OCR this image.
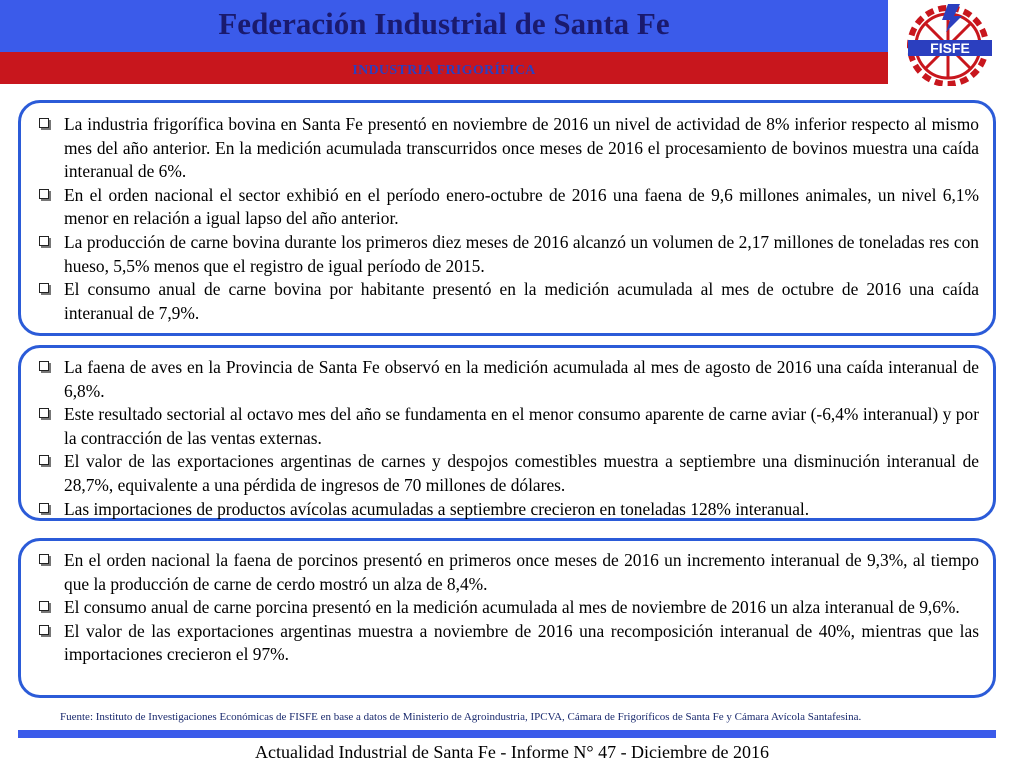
Federación Industrial de Santa Fe
INDUSTRIA FRIGORÍFICA
FISFE
La industria frigorífica bovina en Santa Fe presentó en noviembre de 2016 un nivel de actividad de 8% inferior respecto al mismo mes del año anterior. En la medición acumulada transcurridos once meses de 2016 el procesamiento de bovinos muestra una caída interanual de 6%.
En el orden nacional el sector exhibió en el período enero-octubre de 2016 una faena de 9,6 millones animales, un nivel 6,1% menor en relación a igual lapso del año anterior.
La producción de carne bovina durante los primeros diez meses de 2016 alcanzó un volumen de 2,17 millones de toneladas res con hueso, 5,5% menos que el registro de igual período de 2015.
El consumo anual de carne bovina por habitante presentó en la medición acumulada al mes de octubre de 2016 una caída interanual de 7,9%.
La faena de aves en la Provincia de Santa Fe observó en la medición acumulada al mes de agosto de 2016 una caída interanual de 6,8%.
Este resultado sectorial al octavo mes del año se fundamenta en el menor consumo aparente de carne aviar (-6,4% interanual) y por la contracción de las ventas externas.
El valor de las exportaciones argentinas de carnes y despojos comestibles muestra a septiembre una disminución interanual de 28,7%, equivalente a una pérdida de ingresos de 70 millones de dólares.
Las importaciones de productos avícolas acumuladas a septiembre crecieron en toneladas 128% interanual.
En el orden nacional la faena de porcinos presentó en primeros once meses de 2016 un incremento interanual de 9,3%, al tiempo que la producción de carne de cerdo mostró un alza de 8,4%.
El consumo anual de carne porcina presentó en la medición acumulada al mes de noviembre de 2016 un alza interanual de 9,6%.
El valor de las exportaciones argentinas muestra a noviembre de 2016 una recomposición interanual de 40%, mientras que las importaciones crecieron el 97%.
Fuente: Instituto de Investigaciones Económicas de FISFE en base a datos de Ministerio de Agroindustria, IPCVA, Cámara de Frigoríficos de Santa Fe y Cámara Avícola Santafesina.
Actualidad Industrial de Santa Fe - Informe N° 47 - Diciembre de 2016
